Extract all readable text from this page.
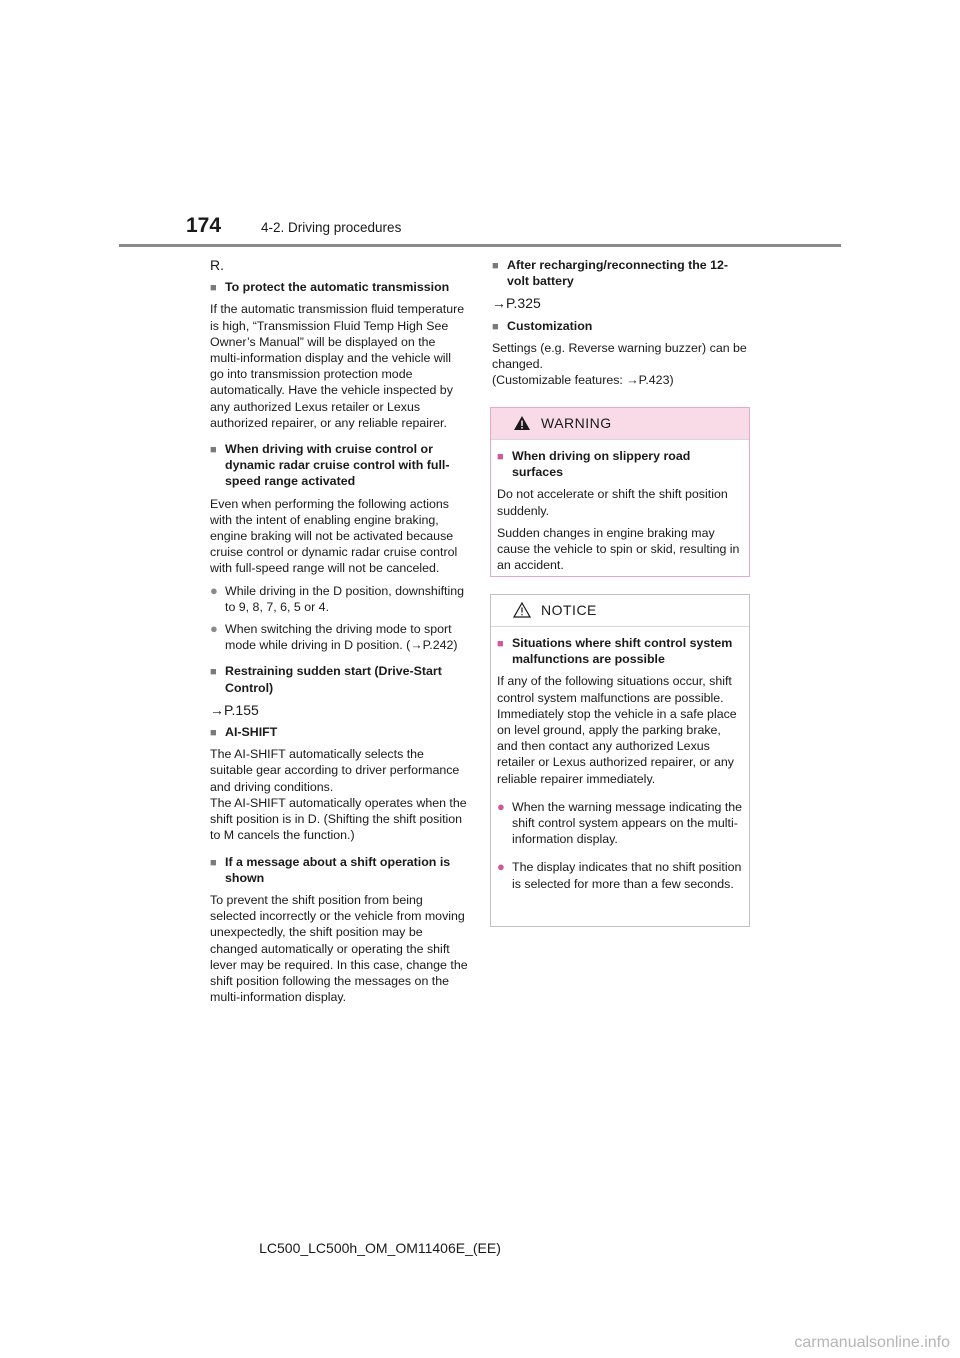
174	4-2. Driving procedures

R.

■ To protect the automatic transmission

If the automatic transmission fluid temperature is high, “Transmission Fluid Temp High See Owner’s Manual” will be displayed on the multi-information display and the vehicle will go into transmission protection mode automatically. Have the vehicle inspected by any authorized Lexus retailer or Lexus authorized repairer, or any reliable repairer.

■ When driving with cruise control or dynamic radar cruise control with full-speed range activated

Even when performing the following actions with the intent of enabling engine braking, engine braking will not be activated because cruise control or dynamic radar cruise control with full-speed range will not be canceled.

● While driving in the D position, downshifting to 9, 8, 7, 6, 5 or 4.
● When switching the driving mode to sport mode while driving in D position. (→P.242)
■ Restraining sudden start (Drive-Start Control)

→P.155

■ AI-SHIFT

The AI-SHIFT automatically selects the suitable gear according to driver performance and driving conditions.

The AI-SHIFT automatically operates when the shift position is in D. (Shifting the shift position to M cancels the function.)

■ If a message about a shift operation is shown

To prevent the shift position from being selected incorrectly or the vehicle from moving unexpectedly, the shift position may be changed automatically or operating the shift lever may be required. In this case, change the shift position following the messages on the multi-information display.

■ After recharging/reconnecting the 12-volt battery

→P.325

■ Customization

Settings (e.g. Reverse warning buzzer) can be changed.

(Customizable features: →P.423)

WARNING
■ When driving on slippery road surfaces

Do not accelerate or shift the shift position suddenly.

Sudden changes in engine braking may cause the vehicle to spin or skid, resulting in an accident.

NOTICE
■ Situations where shift control system malfunctions are possible

If any of the following situations occur, shift control system malfunctions are possible. Immediately stop the vehicle in a safe place on level ground, apply the parking brake, and then contact any authorized Lexus retailer or Lexus authorized repairer, or any reliable repairer immediately.

● When the warning message indicating the shift control system appears on the multi-information display.
● The display indicates that no shift position is selected for more than a few seconds.
LC500_LC500h_OM_OM11406E_(EE)
carmanualsonline.info
